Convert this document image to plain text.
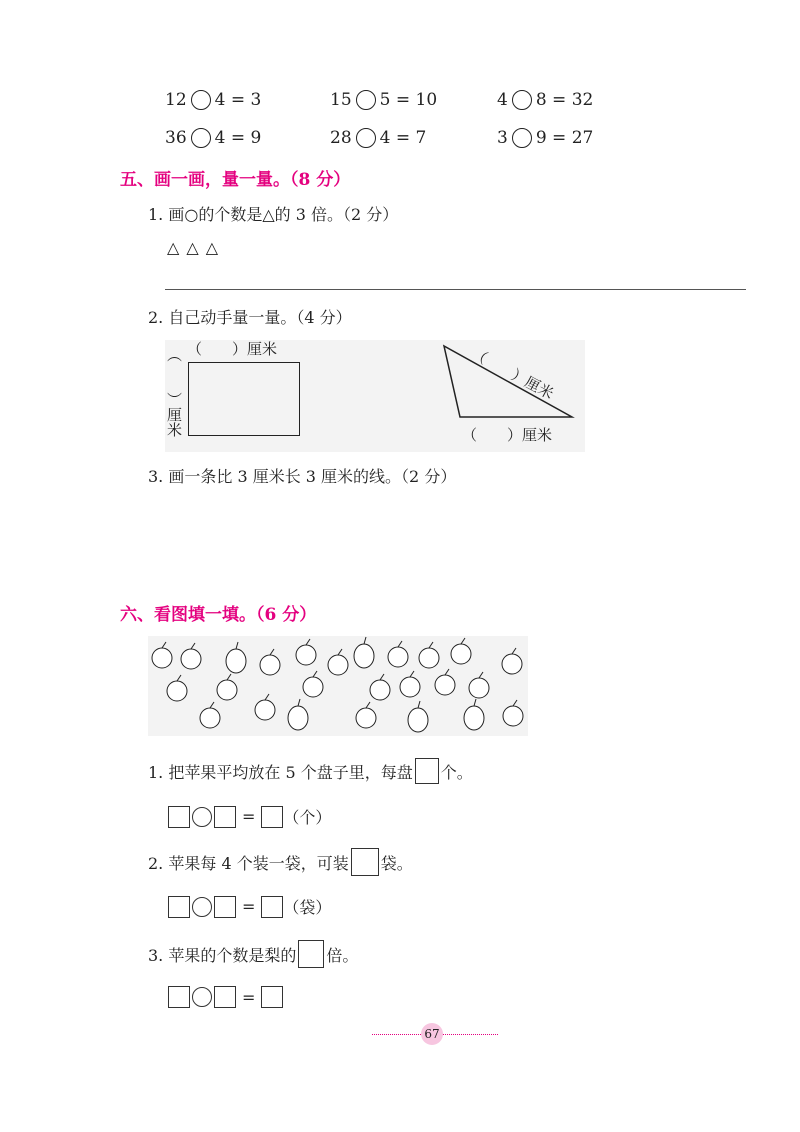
12 4 = 3	15 5 = 10	4 8 = 32
36 4 = 9	28 4 = 7	3 9 = 27
五、画一画，量一量。（8 分）
1. 画○的个数是△的 3 倍。（2 分）
△ △ △
2. 自己动手量一量。（4 分）
（　　）厘米
（　　）厘米	（　　）厘米
（　　）厘米
3. 画一条比 3 厘米长 3 厘米的线。（2 分）
六、看图填一填。（6 分）
1. 把苹果平均放在 5 个盘子里，每盘 个。
= （个）
2. 苹果每 4 个装一袋，可装 袋。
= （袋）
3. 苹果的个数是梨的 倍。
=
67
